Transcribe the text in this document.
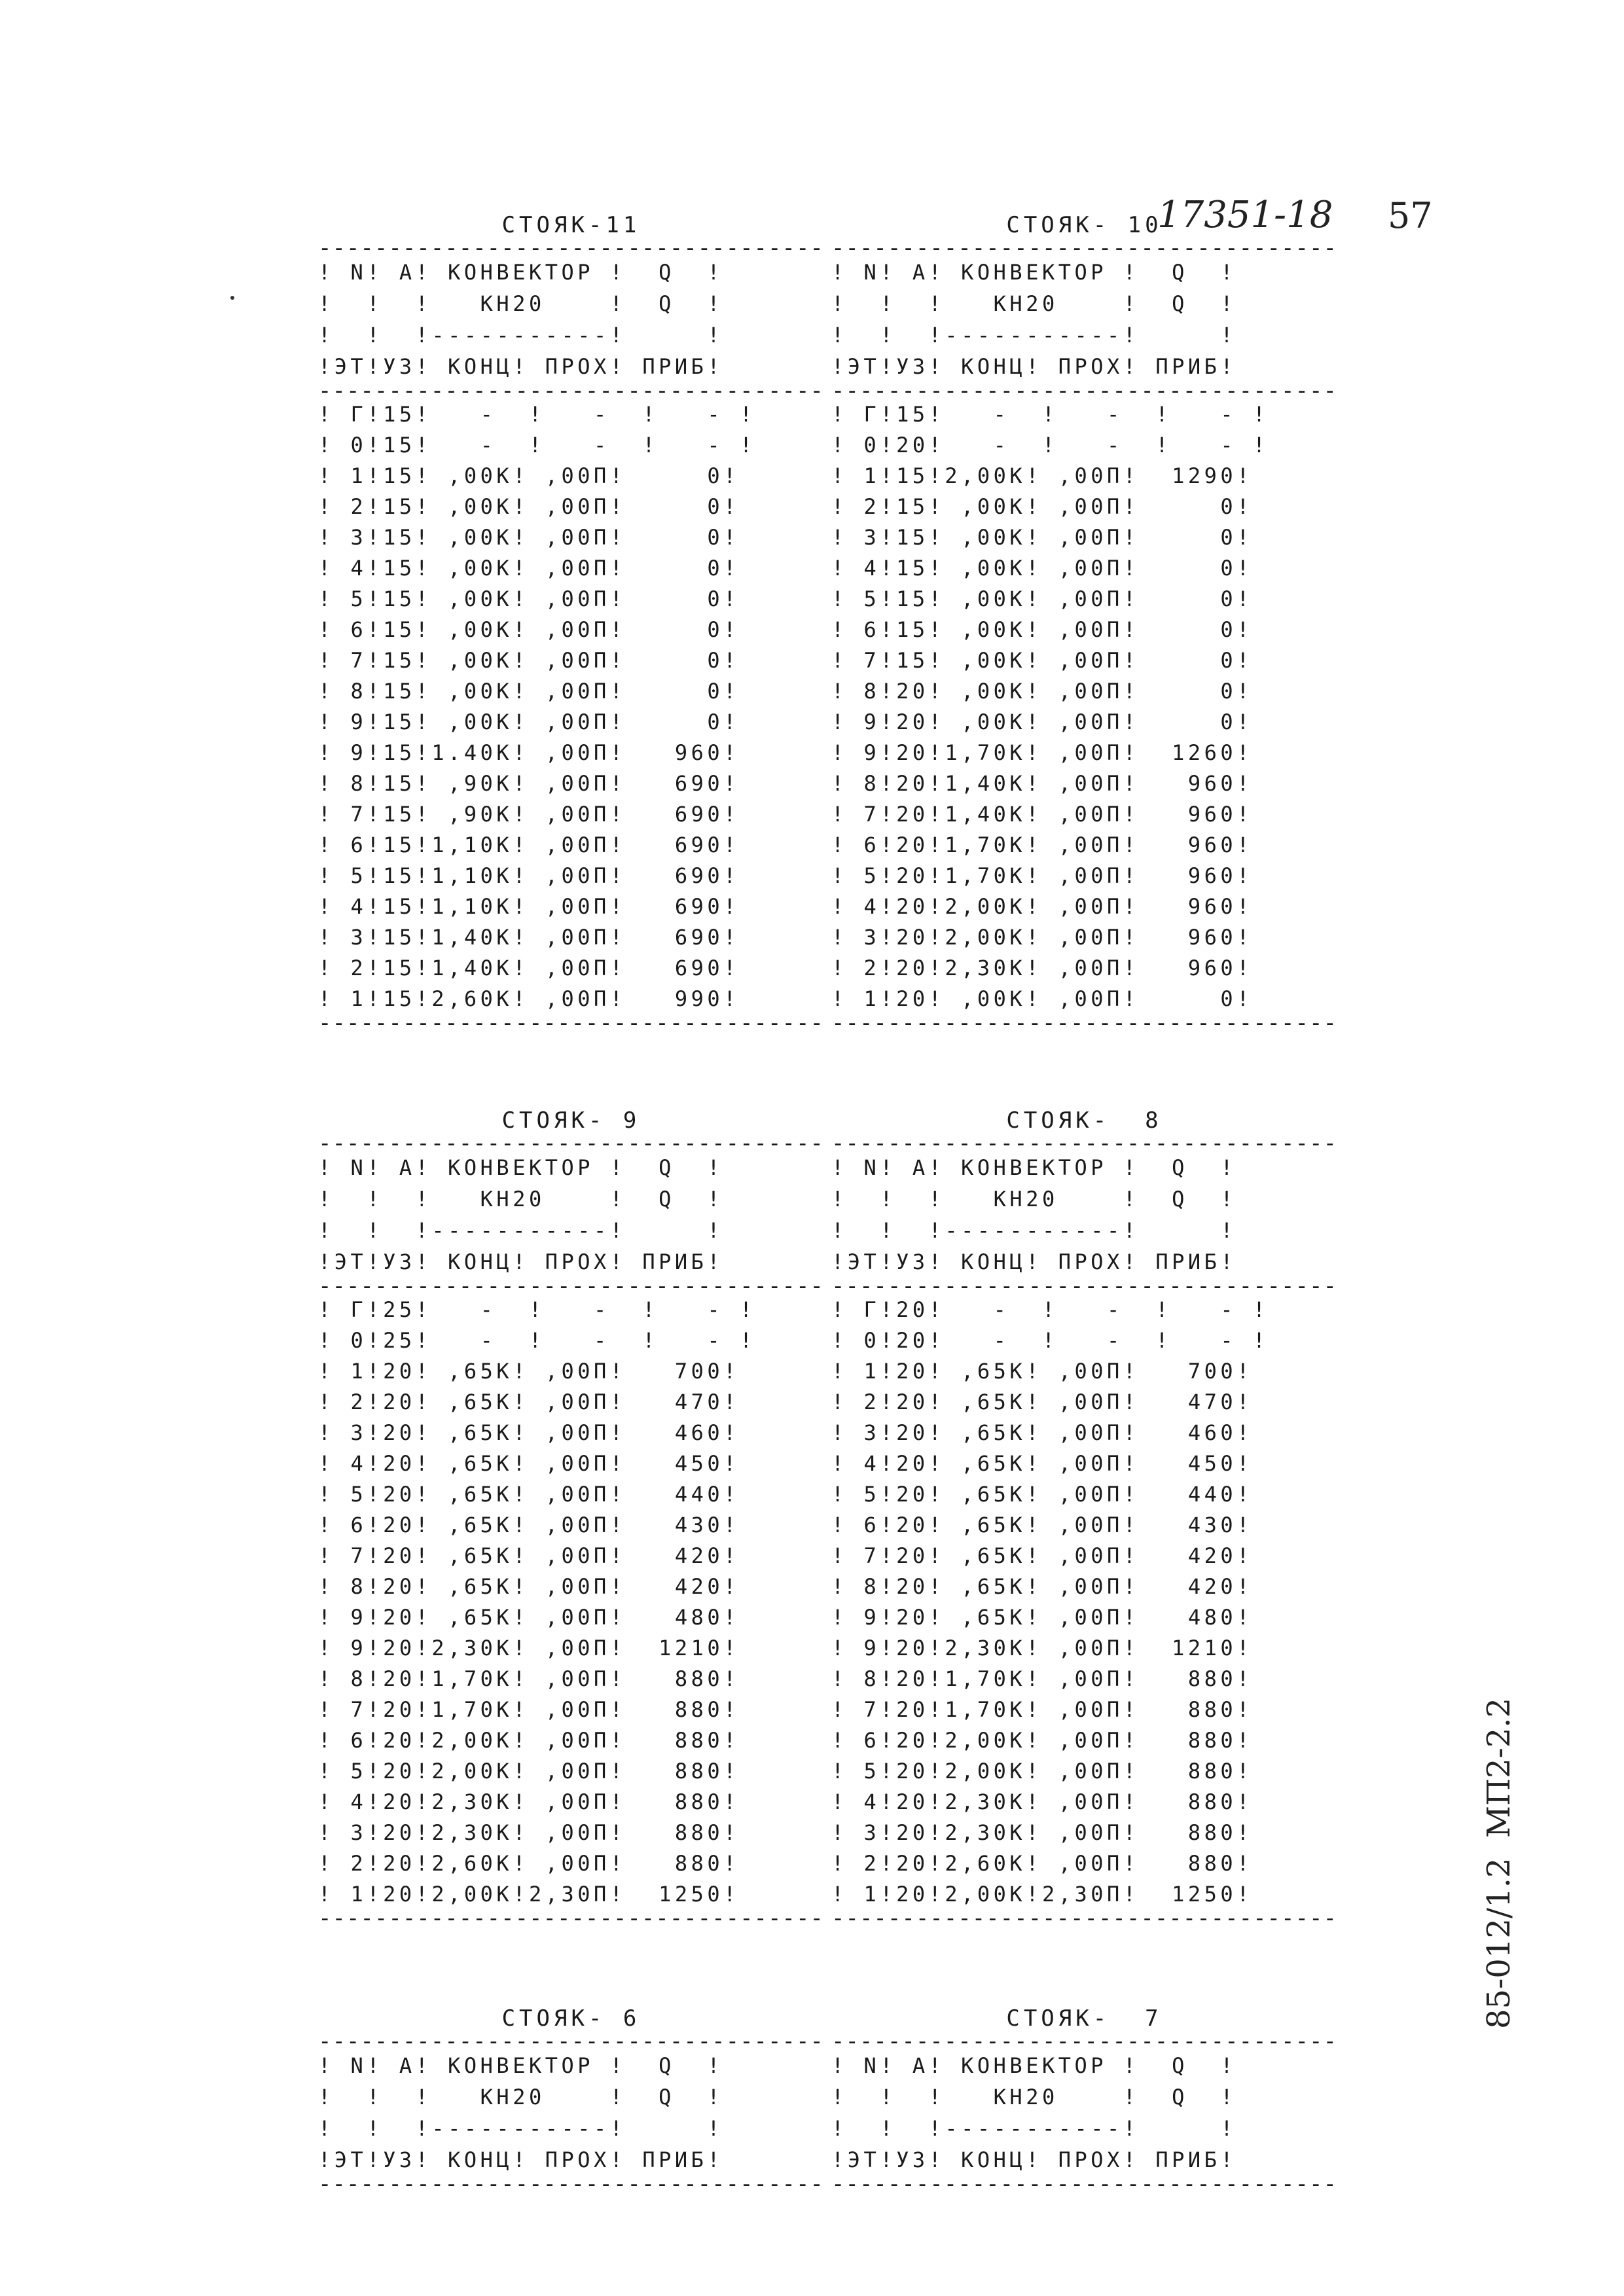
17351-18 57
85-012/1.2  МП2-2.2
СТОЯК-11
------------------------------------
! N! A! КОНВЕКТОР !  Q  !
!  !  !   КН20    !  Q  !
!  !  !-----------!     !
!ЭТ!УЗ! КОНЦ! ПРОХ! ПРИБ!
------------------------------------
! Г!15!   -  !   -  !   - !
! 0!15!   -  !   -  !   - !
! 1!15! ,00К! ,00П!     0!
! 2!15! ,00К! ,00П!     0!
! 3!15! ,00К! ,00П!     0!
! 4!15! ,00К! ,00П!     0!
! 5!15! ,00К! ,00П!     0!
! 6!15! ,00К! ,00П!     0!
! 7!15! ,00К! ,00П!     0!
! 8!15! ,00К! ,00П!     0!
! 9!15! ,00К! ,00П!     0!
! 9!15!1.40К! ,00П!   960!
! 8!15! ,90К! ,00П!   690!
! 7!15! ,90К! ,00П!   690!
! 6!15!1,10К! ,00П!   690!
! 5!15!1,10К! ,00П!   690!
! 4!15!1,10К! ,00П!   690!
! 3!15!1,40К! ,00П!   690!
! 2!15!1,40К! ,00П!   690!
! 1!15!2,60К! ,00П!   990!
------------------------------------
СТОЯК- 10
------------------------------------
! N! A! КОНВЕКТОР !  Q  !
!  !  !   КН20    !  Q  !
!  !  !-----------!     !
!ЭТ!УЗ! КОНЦ! ПРОХ! ПРИБ!
------------------------------------
! Г!15!   -  !   -  !   - !
! 0!20!   -  !   -  !   - !
! 1!15!2,00К! ,00П!  1290!
! 2!15! ,00К! ,00П!     0!
! 3!15! ,00К! ,00П!     0!
! 4!15! ,00К! ,00П!     0!
! 5!15! ,00К! ,00П!     0!
! 6!15! ,00К! ,00П!     0!
! 7!15! ,00К! ,00П!     0!
! 8!20! ,00К! ,00П!     0!
! 9!20! ,00К! ,00П!     0!
! 9!20!1,70К! ,00П!  1260!
! 8!20!1,40К! ,00П!   960!
! 7!20!1,40К! ,00П!   960!
! 6!20!1,70К! ,00П!   960!
! 5!20!1,70К! ,00П!   960!
! 4!20!2,00К! ,00П!   960!
! 3!20!2,00К! ,00П!   960!
! 2!20!2,30К! ,00П!   960!
! 1!20! ,00К! ,00П!     0!
------------------------------------
СТОЯК- 9
------------------------------------
! N! A! КОНВЕКТОР !  Q  !
!  !  !   КН20    !  Q  !
!  !  !-----------!     !
!ЭТ!УЗ! КОНЦ! ПРОХ! ПРИБ!
------------------------------------
! Г!25!   -  !   -  !   - !
! 0!25!   -  !   -  !   - !
! 1!20! ,65К! ,00П!   700!
! 2!20! ,65К! ,00П!   470!
! 3!20! ,65К! ,00П!   460!
! 4!20! ,65К! ,00П!   450!
! 5!20! ,65К! ,00П!   440!
! 6!20! ,65К! ,00П!   430!
! 7!20! ,65К! ,00П!   420!
! 8!20! ,65К! ,00П!   420!
! 9!20! ,65К! ,00П!   480!
! 9!20!2,30К! ,00П!  1210!
! 8!20!1,70К! ,00П!   880!
! 7!20!1,70К! ,00П!   880!
! 6!20!2,00К! ,00П!   880!
! 5!20!2,00К! ,00П!   880!
! 4!20!2,30К! ,00П!   880!
! 3!20!2,30К! ,00П!   880!
! 2!20!2,60К! ,00П!   880!
! 1!20!2,00К!2,30П!  1250!
------------------------------------
СТОЯК-  8
------------------------------------
! N! A! КОНВЕКТОР !  Q  !
!  !  !   КН20    !  Q  !
!  !  !-----------!     !
!ЭТ!УЗ! КОНЦ! ПРОХ! ПРИБ!
------------------------------------
! Г!20!   -  !   -  !   - !
! 0!20!   -  !   -  !   - !
! 1!20! ,65К! ,00П!   700!
! 2!20! ,65К! ,00П!   470!
! 3!20! ,65К! ,00П!   460!
! 4!20! ,65К! ,00П!   450!
! 5!20! ,65К! ,00П!   440!
! 6!20! ,65К! ,00П!   430!
! 7!20! ,65К! ,00П!   420!
! 8!20! ,65К! ,00П!   420!
! 9!20! ,65К! ,00П!   480!
! 9!20!2,30К! ,00П!  1210!
! 8!20!1,70К! ,00П!   880!
! 7!20!1,70К! ,00П!   880!
! 6!20!2,00К! ,00П!   880!
! 5!20!2,00К! ,00П!   880!
! 4!20!2,30К! ,00П!   880!
! 3!20!2,30К! ,00П!   880!
! 2!20!2,60К! ,00П!   880!
! 1!20!2,00К!2,30П!  1250!
------------------------------------
СТОЯК- 6
------------------------------------
! N! A! КОНВЕКТОР !  Q  !
!  !  !   КН20    !  Q  !
!  !  !-----------!     !
!ЭТ!УЗ! КОНЦ! ПРОХ! ПРИБ!
------------------------------------
СТОЯК-  7
------------------------------------
! N! A! КОНВЕКТОР !  Q  !
!  !  !   КН20    !  Q  !
!  !  !-----------!     !
!ЭТ!УЗ! КОНЦ! ПРОХ! ПРИБ!
------------------------------------
